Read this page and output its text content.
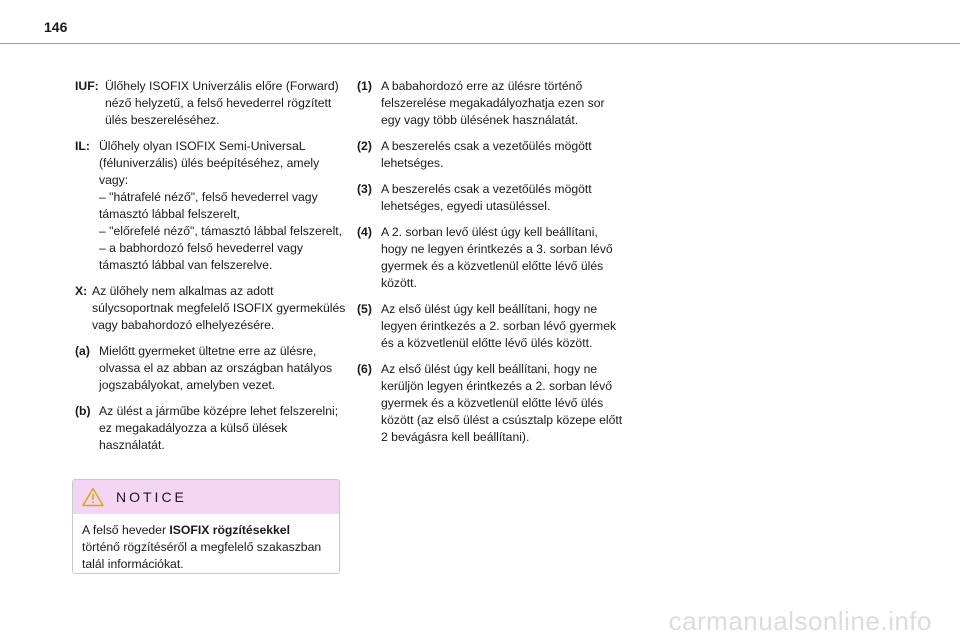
146
IUF: Ülőhely ISOFIX Univerzális előre (Forward) néző helyzetű, a felső hevederrel rögzített ülés beszereléséhez.
IL: Ülőhely olyan ISOFIX Semi-UniversaL (féluniverzális) ülés beépítéséhez, amely vagy:
– "hátrafelé néző", felső hevederrel vagy támasztó lábbal felszerelt,
– "előrefelé néző", támasztó lábbal felszerelt,
– a babhordozó felső hevederrel vagy támasztó lábbal van felszerelve.
X: Az ülőhely nem alkalmas az adott súlycsoportnak megfelelő ISOFIX gyermekülés vagy babahordozó elhelyezésére.
(a) Mielőtt gyermeket ültetne erre az ülésre, olvassa el az abban az országban hatályos jogszabályokat, amelyben vezet.
(b) Az ülést a járműbe középre lehet felszerelni; ez megakadályozza a külső ülések használatát.
NOTICE
A felső heveder ISOFIX rögzítésekkel történő rögzítéséről a megfelelő szakaszban talál információkat.
(1) A babahordozó erre az ülésre történő felszerelése megakadályozhatja ezen sor egy vagy több ülésének használatát.
(2) A beszerelés csak a vezetőülés mögött lehetséges.
(3) A beszerelés csak a vezetőülés mögött lehetséges, egyedi utasüléssel.
(4) A 2. sorban levő ülést úgy kell beállítani, hogy ne legyen érintkezés a 3. sorban lévő gyermek és a közvetlenül előtte lévő ülés között.
(5) Az első ülést úgy kell beállítani, hogy ne legyen érintkezés a 2. sorban lévő gyermek és a közvetlenül előtte lévő ülés között.
(6) Az első ülést úgy kell beállítani, hogy ne kerüljön legyen érintkezés a 2. sorban lévő gyermek és a közvetlenül előtte lévő ülés között (az első ülést a csúsztalp közepe előtt 2 bevágásra kell beállítani).
carmanualsonline.info
